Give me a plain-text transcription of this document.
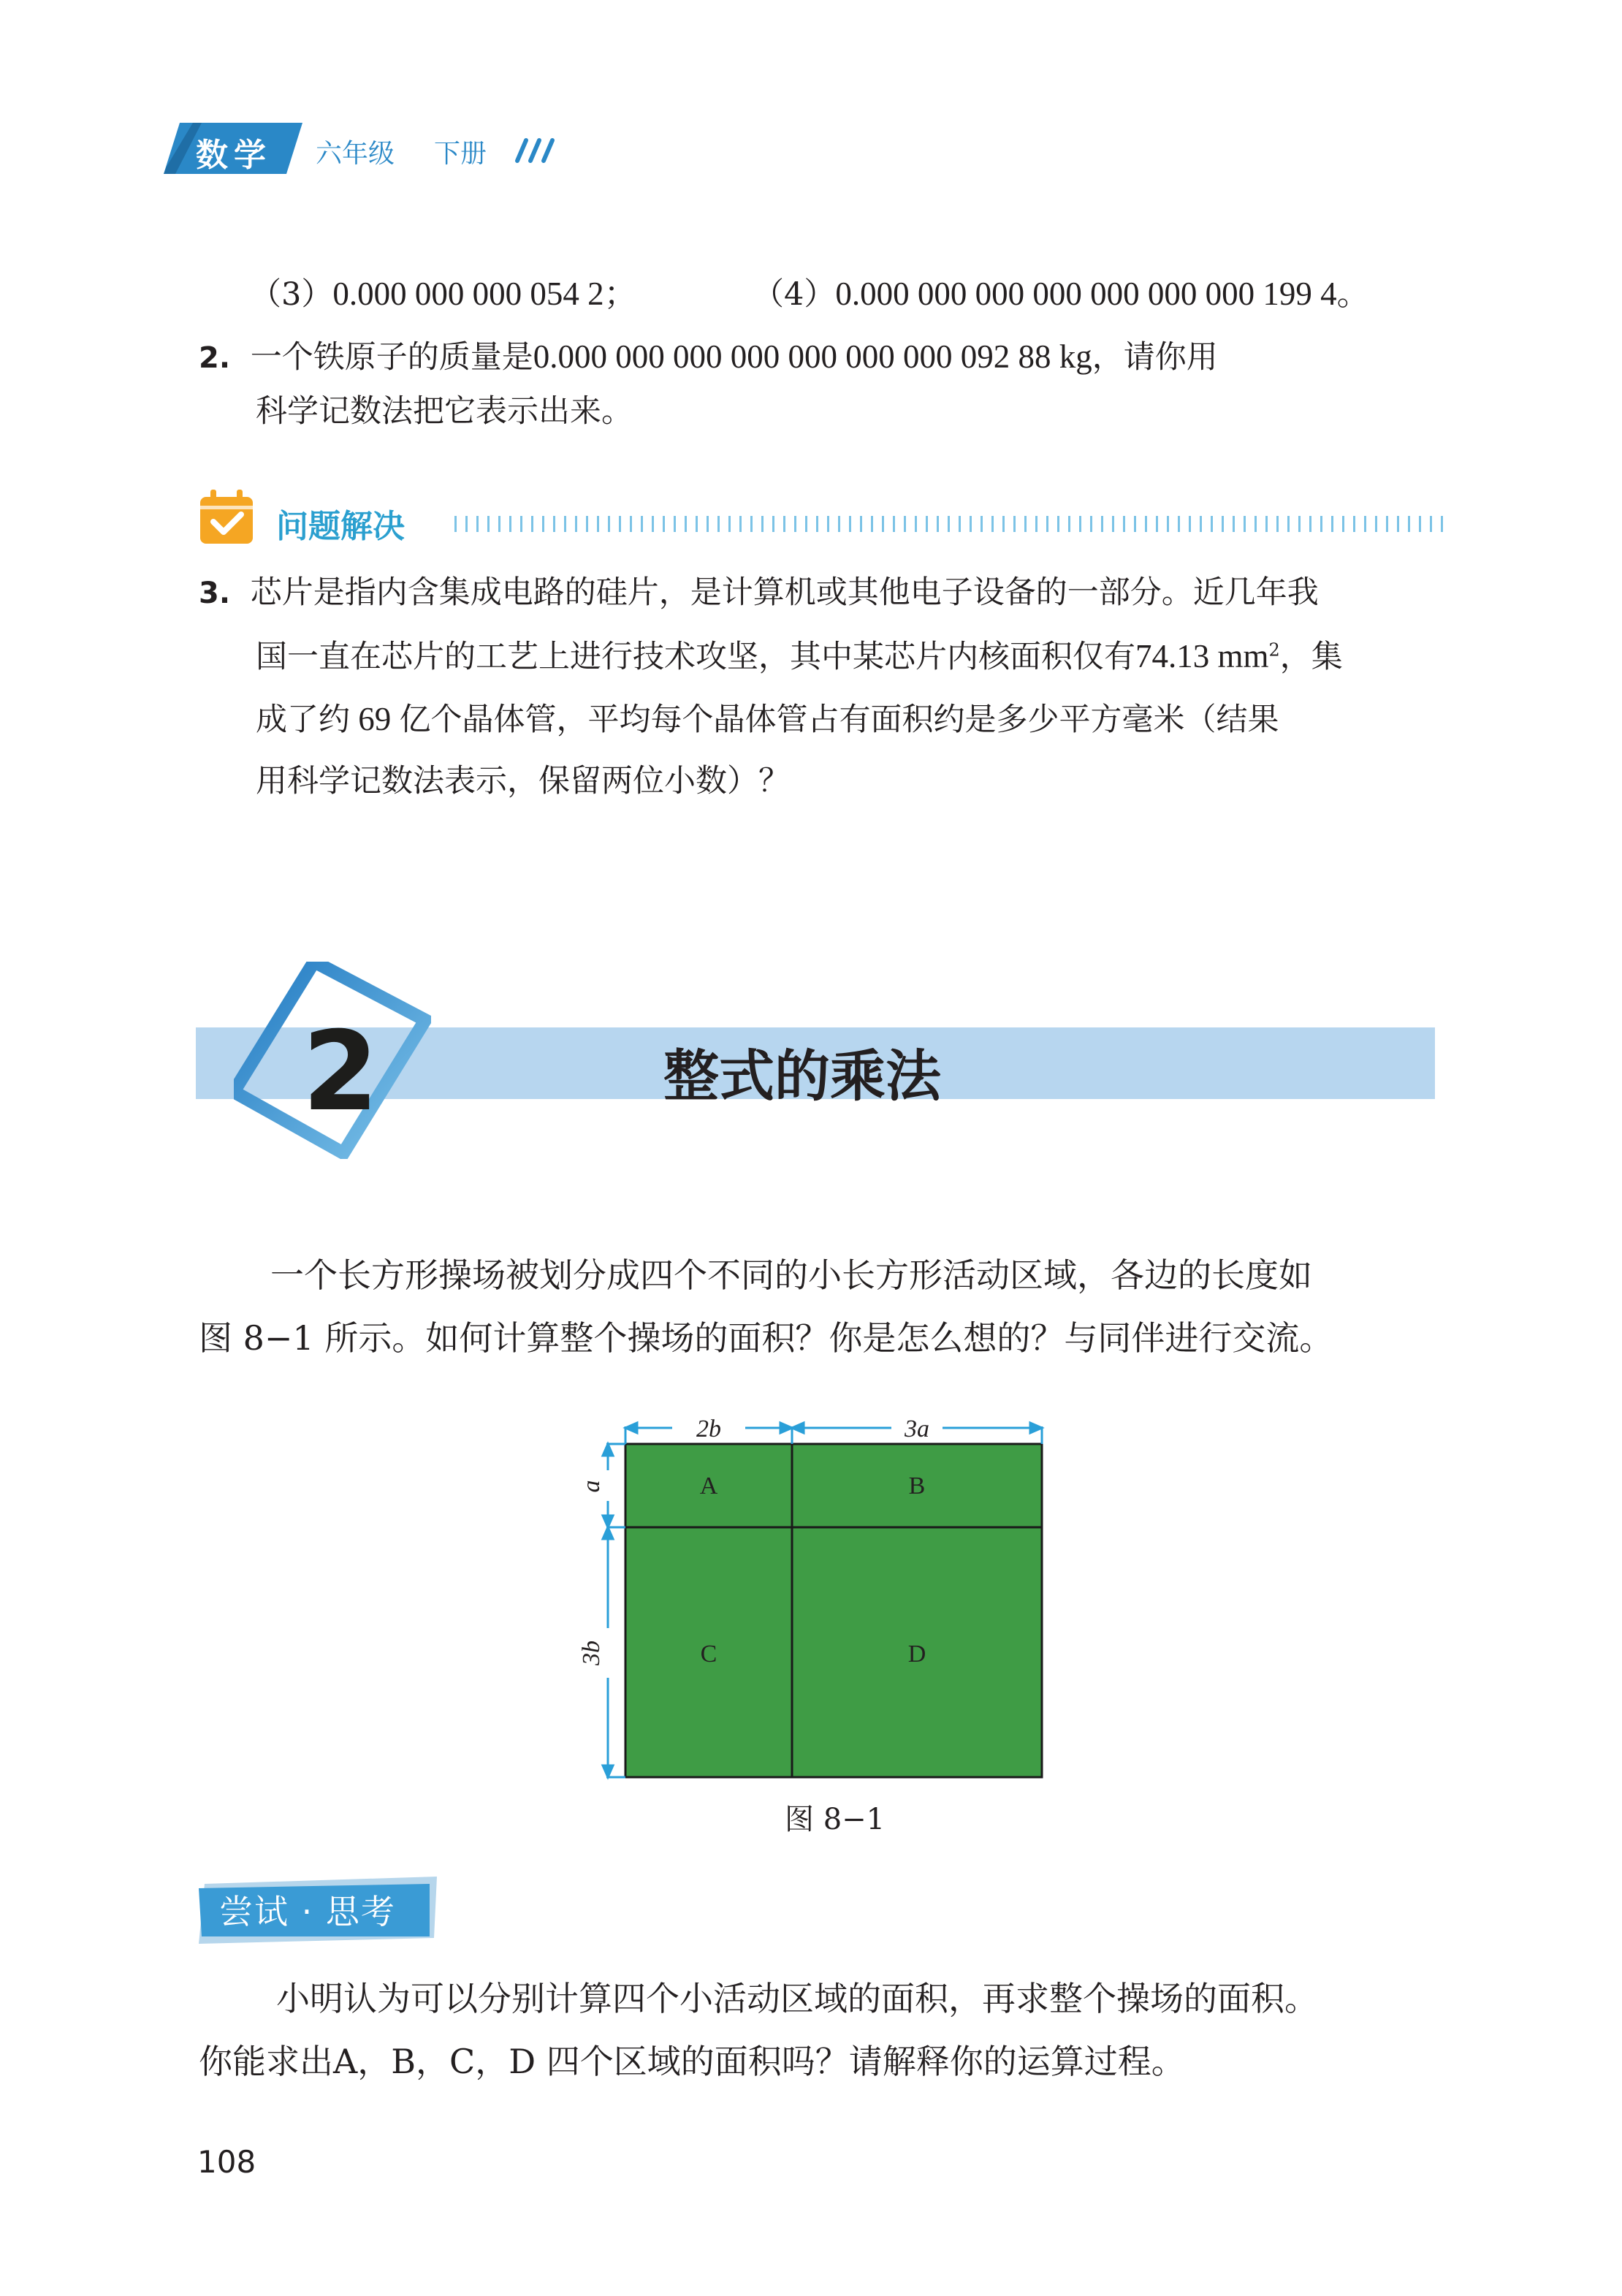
数学 六年级 下册
（3）0.000 000 000 054 2；	（4）0.000 000 000 000 000 000 000 199 4。
2. 一个铁原子的质量是0.000 000 000 000 000 000 000 092 88 kg，请你用
科学记数法把它表示出来。
问题解决
3. 芯片是指内含集成电路的硅片，是计算机或其他电子设备的一部分。近几年我
国一直在芯片的工艺上进行技术攻坚，其中某芯片内核面积仅有74.13 $mm^2$，集
成了约 69 亿个晶体管，平均每个晶体管占有面积约是多少平方毫米（结果
用科学记数法表示，保留两位小数）？
2	整式的乘法
一个长方形操场被划分成四个不同的小长方形活动区域，各边的长度如
图 8−1 所示。如何计算整个操场的面积？你是怎么想的？与同伴进行交流。
2b	3a
a
3b
A	B
C	D
图 8−1
尝试 · 思考
小明认为可以分别计算四个小活动区域的面积，再求整个操场的面积。
你能求出A，B，C，D 四个区域的面积吗？请解释你的运算过程。
108
